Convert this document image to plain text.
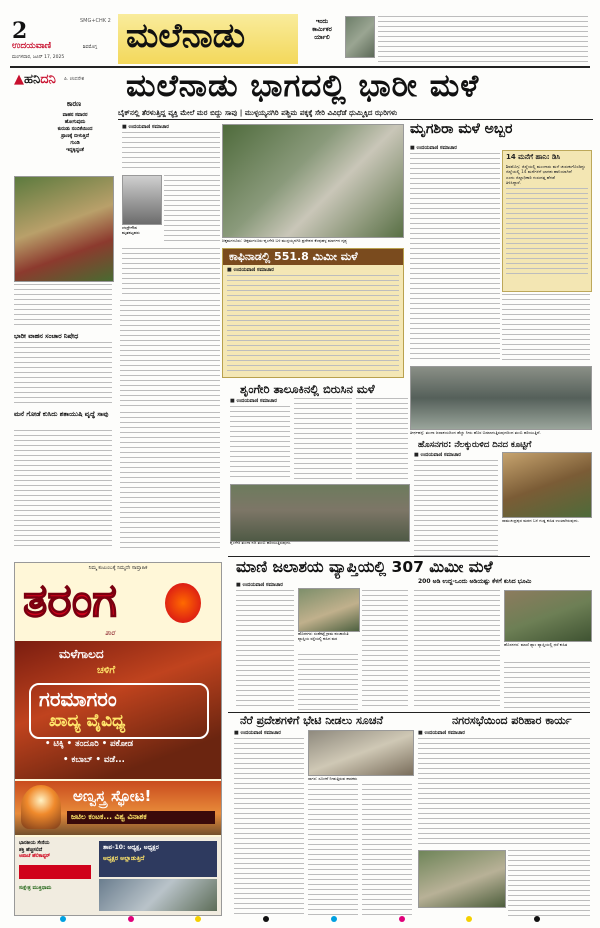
2	SMG+CHK 2
ಉದಯವಾಣಿ	ಶಿವಮೊಗ್ಗ
ಮಂಗಳವಾರ, ಜೂನ್ 17, 2025
ಮಲೆನಾಡು	ಇಂದು
ಕಾರ್ಮಿಕರ
ರ್ಯಾಲಿ
▲ಹನಿದನಿ ಪಿ. ಚಂದನೇಶ
ಕಾರಣ
ವಾಹನ ಸವಾರರ
ಹೋಗುವುದು
ಕುರುಡು ನಂಬಿಕೆಯಿಂದ
ಪ್ರಾಣಕ್ಕೆ ಬೀಳುತ್ತಿದೆ
ಗುಂಡಿ
ಇದ್ದಕ್ಕಿದ್ದಂತೆ
ಭಾರೀ ವಾಹನ ಸಂಚಾರ ನಿಷೇಧ
ಮನೆ ಗೋಡೆ ಕುಸಿದು ಶತಾಯುಷಿ ವೃದ್ಧೆ ಸಾವು
ಮಲೆನಾಡು ಭಾಗದಲ್ಲಿ ಭಾರೀ ಮಳೆ
ಬೈಕ್‌ನಲ್ಲಿ ತೆರಳುತ್ತಿದ್ದ ವ್ಯಕ್ತಿ ಮೇಲೆ ಮರ ಬಿದ್ದು ಸಾವು | ಮುಳ್ಳಯ್ಯನಗಿರಿ ಪಶ್ಚಿಮ ಪಕ್ಕಕ್ಕೆ ಸೇರಿ ವಿವಿಧೆಡೆ ಧುಮ್ಮಿಕ್ಕಿದ ಝರಿಗಳು
■ ಉದಯವಾಣಿ ಸಮಾಚಾರ
ಚಂದ್ರೇಗೌಡ
ಮೃತಪಟ್ಟವರು
ಚಿಕ್ಕಮಗಳೂರು: ಚಿಕ್ಕಮಗಳೂರು-ಶೃಂಗೇರಿ ಬಳಿ ಮುಳ್ಳಯ್ಯನಗಿರಿ ಪ್ರದೇಶದ ಕೆಂಪುಹಳ್ಳ ಮಾರ್ಗದ ದೃಶ್ಯ
ಮೃಗಶಿರಾ ಮಳೆ ಅಬ್ಬರ
■ ಉದಯವಾಣಿ ಸಮಾಚಾರ
14 ಮನೆಗೆ ಹಾನಿ: ಡಿಸಿ
ಶಿವಮೊಗ್ಗ: ಜಿಲ್ಲೆಯಲ್ಲಿ ಮುಂಗಾರು ಮಳೆ ಚುರುಕುಗೊಂಡಿದ್ದು
ಜಿಲ್ಲೆಯಲ್ಲಿ 14 ಮನೆಗಳಿಗೆ ಭಾಗಶಃ ಹಾನಿಯಾಗಿದೆ
ಎಂದು ಜಿಲ್ಲಾಧಿಕಾರಿ ಗುರುದತ್ತ ಹೆಗಡೆ
ತಿಳಿಸಿದ್ದಾರೆ.
ಕಾಫಿನಾಡಲ್ಲಿ 551.8 ಮಿಮೀ ಮಳೆ
■ ಉದಯವಾಣಿ ಸಮಾಚಾರ
ಶೃಂಗೇರಿ ತಾಲೂಕಿನಲ್ಲಿ ಬಿರುಸಿನ ಮಳೆ
■ ಉದಯವಾಣಿ ಸಮಾಚಾರ
ಶೃಂಗೇರಿ ತುಂಗಾ ನದಿ ತುಂಬಿ ಹರಿಯುತ್ತಿರುವುದು.
ತೀರ್ಥಹಳ್ಳಿ: ತುಂಗಾ ಜಲಾಶಯದಿಂದ ಹೆಚ್ಚು ನೀರು ಹೊರ ಬಿಡಲಾಗುತ್ತಿರುವುದರಿಂದ ತುಂಬಿ ಹರಿಯುತ್ತಿದೆ.
ಹೊಸನಗರ: ನೆಲಕ್ಕುರುಳಿದ ದಿನದ ಕೂಟ್ಟಿಗೆ
■ ಉದಯವಾಣಿ ಸಮಾಚಾರ
ರಾಮಚಂದ್ರಪುರ ಮಠದ ಬಳಿ ಗುಡ್ಡ ಕುಸಿತ ಉಂಟಾಗಿರುವುದು.
ಮಾಣಿ ಜಲಾಶಯ ವ್ಯಾಪ್ತಿಯಲ್ಲಿ 307 ಮಿಮೀ ಮಳೆ
200 ಅಡಿ ಉದ್ದ-ಒಂದು ಅಡಿಯಷ್ಟು ಕೆಳಗೆ ಕುಸಿದ ಭೂಮಿ
■ ಉದಯವಾಣಿ ಸಮಾಚಾರ
ಹೊಸನಗರ: ಸಂಪೆಕಟ್ಟೆ ಗ್ರಾಮ ಪಂಚಾಯಿತಿ ವ್ಯಾಪ್ತಿಯ ರಸ್ತೆಯಲ್ಲಿ ಕುಸಿದ ಮರ
ಹೊಸನಗರ: ಮಾಣಿ ಡ್ಯಾಂ ವ್ಯಾಪ್ತಿಯಲ್ಲಿ ಧರೆ ಕುಸಿತ
ನೆರೆ ಪ್ರದೇಶಗಳಿಗೆ ಭೇಟಿ ನೀಡಲು ಸೂಚನೆ
■ ಉದಯವಾಣಿ ಸಮಾಚಾರ
ಸಾಗರ: ಸೂಚನೆ ನೀಡುತ್ತಿರುವ ಶಾಸಕರು
ನಗರಸಭೆಯಿಂದ ಪರಿಹಾರ ಕಾರ್ಯ
■ ಉದಯವಾಣಿ ಸಮಾಚಾರ
ನಿಮ್ಮ ಕುಟುಂಬಕ್ಕೆ ನಿಮ್ಮದೇ ಸಾಪ್ತಾಹಿಕ
ತರಂಗ
ತಾರ
ಮಳೆಗಾಲದ
ಚಳಿಗೆ
ಗರಮಾಗರಂ
ಖಾದ್ಯ ವೈವಿಧ್ಯ
• ಟಿಕ್ಕಿ • ತಂದೂರಿ • ಪಕೋಡ
• ಕಬಾಬ್ • ವಡೆ...
ಅಣ್ವಸ್ತ್ರ ಸ್ಫೋಟ!
ಜಟಿಲ ಕಂಟಕ... ವಿಶ್ವ ವಿನಾಶಕ
ಭಾರತೀಯ ಸೇನೆಯ
ಶಕ್ತಿ ಹೆಚ್ಚಿಸಲಿದೆ
ಅಪಾಚೆ ಹೆಲಿಕಾಪ್ಟರ್
ಸುಕ್ಷೇತ್ರ ಮುಕ್ತಿಧಾಮ
ತಾಪ-10: ಅಧ್ಯಕ್ಷ, ಅಧ್ಯಕ್ಷರ
ಅಧ್ಯಕ್ಷರ ಅಲ್ಲಾಡುತ್ತಿದೆ
